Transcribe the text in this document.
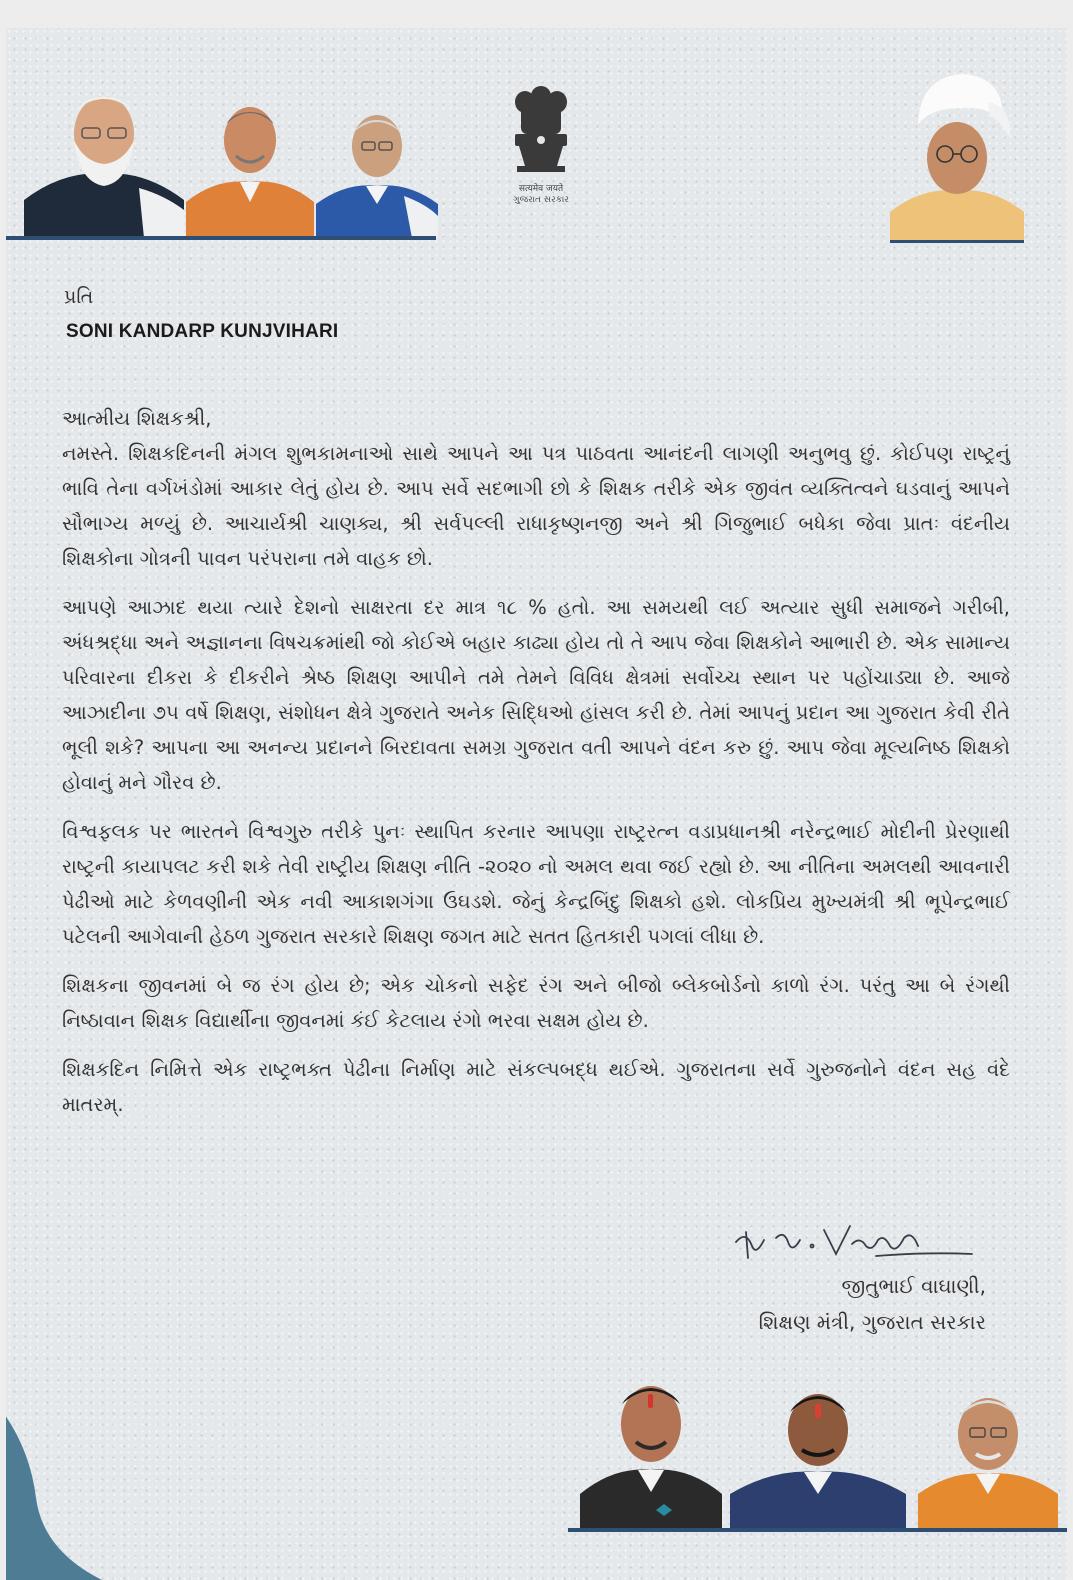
सत्यमेव जयते
ગુજરાત સરકાર
પ્રતિ
SONI KANDARP KUNJVIHARI

આત્મીય શિક્ષકશ્રી,

નમસ્તે. શિક્ષકદિનની મંગલ શુભકામનાઓ સાથે આપને આ પત્ર પાઠવતા આનંદની લાગણી અનુભવુ છું. કોઈપણ રાષ્ટ્રનું ભાવિ તેના વર્ગખંડોમાં આકાર લેતું હોય છે. આપ સર્વે સદભાગી છો કે શિક્ષક તરીકે એક જીવંત વ્યક્તિત્વને ઘડવાનું આપને સૌભાગ્ય મળ્યું છે. આચાર્યશ્રી ચાણક્ય, શ્રી સર્વપલ્લી રાધાકૃષ્ણનજી અને શ્રી ગિજુભાઈ બધેકા જેવા પ્રાતઃ વંદનીય શિક્ષકોના ગોત્રની પાવન પરંપરાના તમે વાહક છો.

આપણે આઝાદ થયા ત્યારે દેશનો સાક્ષરતા દર માત્ર ૧૮ % હતો. આ સમયથી લઈ અત્યાર સુધી સમાજને ગરીબી, અંધશ્રદ્ધા અને અજ્ઞાનના વિષચક્રમાંથી જો કોઈએ બહાર કાઢ્યા હોય તો તે આપ જેવા શિક્ષકોને આભારી છે. એક સામાન્ય પરિવારના દીકરા કે દીકરીને શ્રેષ્ઠ શિક્ષણ આપીને તમે તેમને વિવિધ ક્ષેત્રમાં સર્વોચ્ચ સ્થાન પર પહોંચાડ્યા છે. આજે આઝાદીના ૭૫ વર્ષે શિક્ષણ, સંશોધન ક્ષેત્રે ગુજરાતે અનેક સિદ્ધિઓ હાંસલ કરી છે. તેમાં આપનું પ્રદાન આ ગુજરાત કેવી રીતે ભૂલી શકે? આપના આ અનન્ય પ્રદાનને બિરદાવતા સમગ્ર ગુજરાત વતી આપને વંદન કરુ છું. આપ જેવા મૂલ્યનિષ્ઠ શિક્ષકો હોવાનું મને ગૌરવ છે.

વિશ્વફલક પર ભારતને વિશ્વગુરુ તરીકે પુનઃ સ્થાપિત કરનાર આપણા રાષ્ટ્રરત્ન વડાપ્રધાનશ્રી નરેન્દ્રભાઈ મોદીની પ્રેરણાથી રાષ્ટ્રની કાયાપલટ કરી શકે તેવી રાષ્ટ્રીય શિક્ષણ નીતિ -૨૦૨૦ નો અમલ થવા જઈ રહ્યો છે. આ નીતિના અમલથી આવનારી પેઢીઓ માટે કેળવણીની એક નવી આકાશગંગા ઉઘડશે. જેનું કેન્દ્રબિંદુ શિક્ષકો હશે. લોકપ્રિય મુખ્યમંત્રી શ્રી ભૂપેન્દ્રભાઈ પટેલની આગેવાની હેઠળ ગુજરાત સરકારે શિક્ષણ જગત માટે સતત હિતકારી પગલાં લીધા છે.

શિક્ષકના જીવનમાં બે જ રંગ હોય છે; એક ચોકનો સફેદ રંગ અને બીજો બ્લેકબોર્ડનો કાળો રંગ. પરંતુ આ બે રંગથી નિષ્ઠાવાન શિક્ષક વિદ્યાર્થીના જીવનમાં કંઈ કેટલાય રંગો ભરવા સક્ષમ હોય છે.

શિક્ષકદિન નિમિત્તે એક રાષ્ટ્રભક્ત પેઢીના નિર્માણ માટે સંકલ્પબદ્ધ થઈએ. ગુજરાતના સર્વે ગુરુજનોને વંદન સહ વંદે માતરમ્.

જીતુભાઈ વાઘાણી,
શિક્ષણ મંત્રી, ગુજરાત સરકાર
